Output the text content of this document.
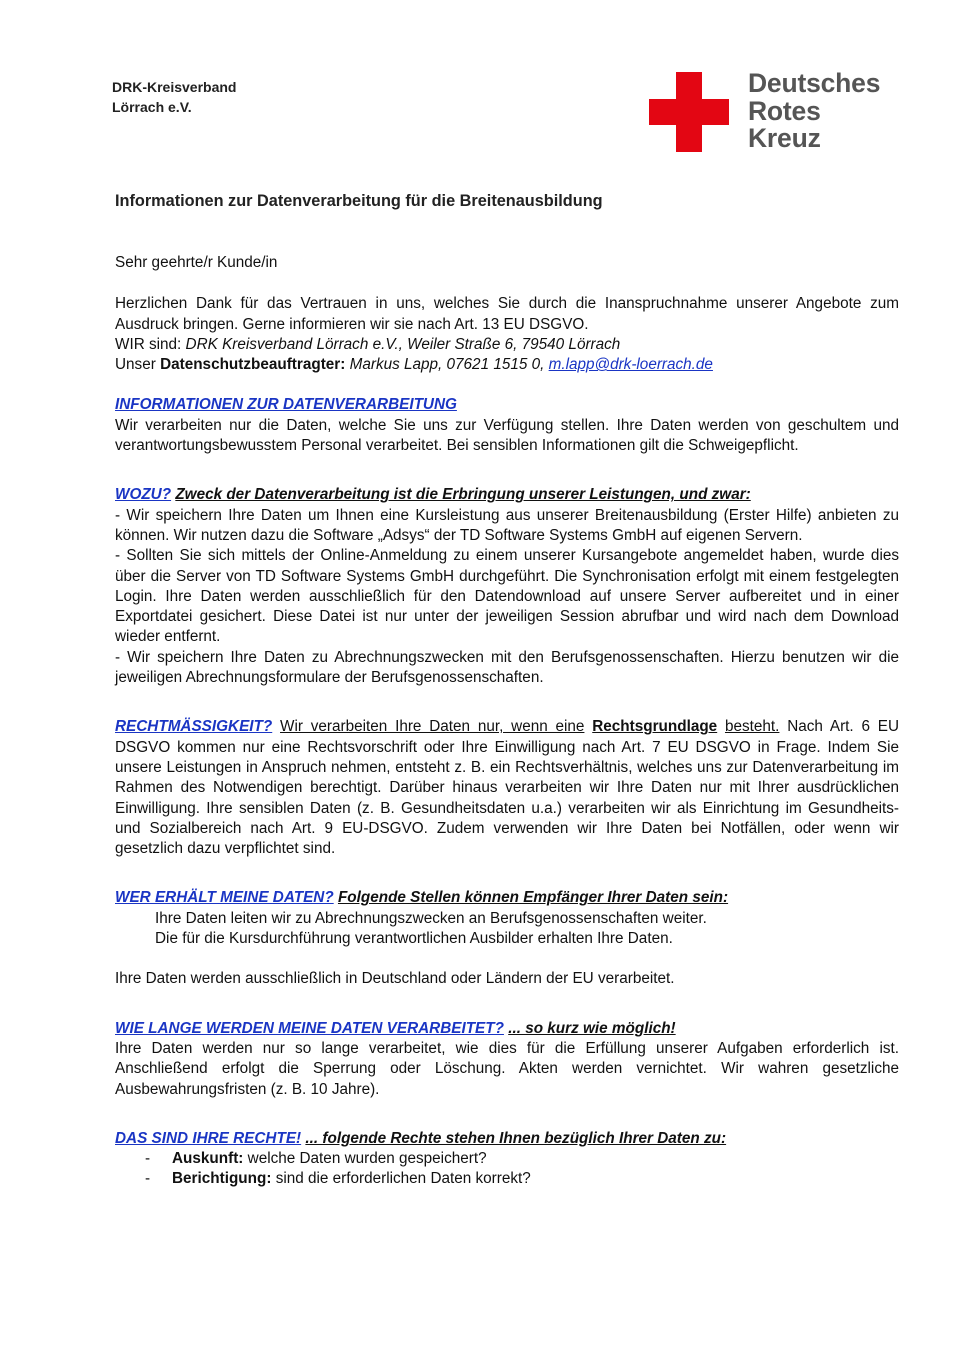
DRK-Kreisverband
Lörrach e.V.
Deutsches
Rotes
Kreuz
Informationen zur Datenverarbeitung für die Breitenausbildung

Sehr geehrte/r Kunde/in

Herzlichen Dank für das Vertrauen in uns, welches Sie durch die Inanspruchnahme unserer Angebote zum Ausdruck bringen. Gerne informieren wir sie nach Art. 13 EU DSGVO.

WIR sind: DRK Kreisverband Lörrach e.V., Weiler Straße 6, 79540 Lörrach

Unser Datenschutzbeauftragter: Markus Lapp, 07621 1515 0, m.lapp@drk-loerrach.de

INFORMATIONEN ZUR DATENVERARBEITUNG

Wir verarbeiten nur die Daten, welche Sie uns zur Verfügung stellen. Ihre Daten werden von geschultem und verantwortungsbewusstem Personal verarbeitet. Bei sensiblen Informationen gilt die Schweigepflicht.

WOZU? Zweck der Datenverarbeitung ist die Erbringung unserer Leistungen, und zwar:

- Wir speichern Ihre Daten um Ihnen eine Kursleistung aus unserer Breitenausbildung (Erster Hilfe) anbieten zu können. Wir nutzen dazu die Software „Adsys“ der TD Software Systems GmbH auf eigenen Servern.

- Sollten Sie sich mittels der Online-Anmeldung zu einem unserer Kursangebote angemeldet haben, wurde dies über die Server von TD Software Systems GmbH durchgeführt. Die Synchronisation erfolgt mit einem festgelegten Login. Ihre Daten werden ausschließlich für den Datendownload auf unsere Server aufbereitet und in einer Exportdatei gesichert. Diese Datei ist nur unter der jeweiligen Session abrufbar und wird nach dem Download wieder entfernt.

- Wir speichern Ihre Daten zu Abrechnungszwecken mit den Berufsgenossenschaften. Hierzu benutzen wir die jeweiligen Abrechnungsformulare der Berufsgenossenschaften.

RECHTMÄSSIGKEIT? Wir verarbeiten Ihre Daten nur, wenn eine Rechtsgrundlage besteht. Nach Art. 6 EU DSGVO kommen nur eine Rechtsvorschrift oder Ihre Einwilligung nach Art. 7 EU DSGVO in Frage. Indem Sie unsere Leistungen in Anspruch nehmen, entsteht z. B. ein Rechtsverhältnis, welches uns zur Datenverarbeitung im Rahmen des Notwendigen berechtigt. Darüber hinaus verarbeiten wir Ihre Daten nur mit Ihrer ausdrücklichen Einwilligung. Ihre sensiblen Daten (z. B. Gesundheitsdaten u.a.) verarbeiten wir als Einrichtung im Gesundheits- und Sozialbereich nach Art. 9 EU-DSGVO. Zudem verwenden wir Ihre Daten bei Notfällen, oder wenn wir gesetzlich dazu verpflichtet sind.

WER ERHÄLT MEINE DATEN? Folgende Stellen können Empfänger Ihrer Daten sein:

Ihre Daten leiten wir zu Abrechnungszwecken an Berufsgenossenschaften weiter.

Die für die Kursdurchführung verantwortlichen Ausbilder erhalten Ihre Daten.

Ihre Daten werden ausschließlich in Deutschland oder Ländern der EU verarbeitet.

WIE LANGE WERDEN MEINE DATEN VERARBEITET? ... so kurz wie möglich!

Ihre Daten werden nur so lange verarbeitet, wie dies für die Erfüllung unserer Aufgaben erforderlich ist. Anschließend erfolgt die Sperrung oder Löschung. Akten werden vernichtet. Wir wahren gesetzliche Ausbewahrungsfristen (z. B. 10 Jahre).

DAS SIND IHRE RECHTE! ... folgende Rechte stehen Ihnen bezüglich Ihrer Daten zu:

- Auskunft: welche Daten wurden gespeichert?

- Berichtigung: sind die erforderlichen Daten korrekt?
